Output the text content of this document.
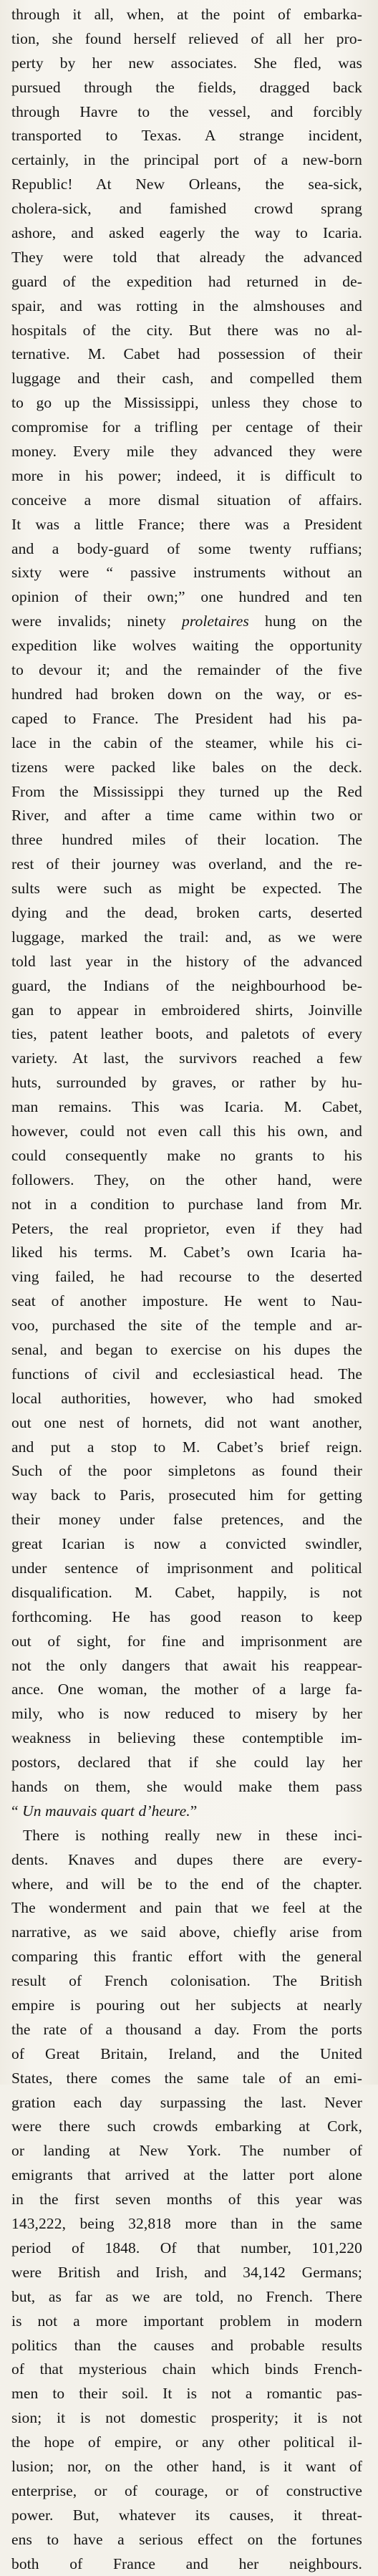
through it all, when, at the point of embarka-
tion, she found herself relieved of all her pro-
perty by her new associates. She fled, was
pursued through the fields, dragged back
through Havre to the vessel, and forcibly
transported to Texas. A strange incident,
certainly, in the principal port of a new-born
Republic! At New Orleans, the sea-sick,
cholera-sick, and famished crowd sprang
ashore, and asked eagerly the way to Icaria.
They were told that already the advanced
guard of the expedition had returned in de-
spair, and was rotting in the almshouses and
hospitals of the city. But there was no al-
ternative. M. Cabet had possession of their
luggage and their cash, and compelled them
to go up the Mississippi, unless they chose to
compromise for a trifling per centage of their
money. Every mile they advanced they were
more in his power; indeed, it is difficult to
conceive a more dismal situation of affairs.
It was a little France; there was a President
and a body-guard of some twenty ruffians;
sixty were “ passive instruments without an
opinion of their own;” one hundred and ten
were invalids; ninety proletaires hung on the
expedition like wolves waiting the opportunity
to devour it; and the remainder of the five
hundred had broken down on the way, or es-
caped to France. The President had his pa-
lace in the cabin of the steamer, while his ci-
tizens were packed like bales on the deck.
From the Mississippi they turned up the Red
River, and after a time came within two or
three hundred miles of their location. The
rest of their journey was overland, and the re-
sults were such as might be expected. The
dying and the dead, broken carts, deserted
luggage, marked the trail: and, as we were
told last year in the history of the advanced
guard, the Indians of the neighbourhood be-
gan to appear in embroidered shirts, Joinville
ties, patent leather boots, and paletots of every
variety. At last, the survivors reached a few
huts, surrounded by graves, or rather by hu-
man remains. This was Icaria. M. Cabet,
however, could not even call this his own, and
could consequently make no grants to his
followers. They, on the other hand, were
not in a condition to purchase land from Mr.
Peters, the real proprietor, even if they had
liked his terms. M. Cabet’s own Icaria ha-
ving failed, he had recourse to the deserted
seat of another imposture. He went to Nau-
voo, purchased the site of the temple and ar-
senal, and began to exercise on his dupes the
functions of civil and ecclesiastical head. The
local authorities, however, who had smoked
out one nest of hornets, did not want another,
and put a stop to M. Cabet’s brief reign.
Such of the poor simpletons as found their
way back to Paris, prosecuted him for getting
their money under false pretences, and the
great Icarian is now a convicted swindler,
under sentence of imprisonment and political
disqualification. M. Cabet, happily, is not
forthcoming. He has good reason to keep
out of sight, for fine and imprisonment are
not the only dangers that await his reappear-
ance. One woman, the mother of a large fa-
mily, who is now reduced to misery by her
weakness in believing these contemptible im-
postors, declared that if she could lay her
hands on them, she would make them pass
“ Un mauvais quart d’heure.”
There is nothing really new in these inci-
dents. Knaves and dupes there are every-
where, and will be to the end of the chapter.
The wonderment and pain that we feel at the
narrative, as we said above, chiefly arise from
comparing this frantic effort with the general
result of French colonisation. The British
empire is pouring out her subjects at nearly
the rate of a thousand a day. From the ports
of Great Britain, Ireland, and the United
States, there comes the same tale of an emi-
gration each day surpassing the last. Never
were there such crowds embarking at Cork,
or landing at New York. The number of
emigrants that arrived at the latter port alone
in the first seven months of this year was
143,222, being 32,818 more than in the same
period of 1848. Of that number, 101,220
were British and Irish, and 34,142 Germans;
but, as far as we are told, no French. There
is not a more important problem in modern
politics than the causes and probable results
of that mysterious chain which binds French-
men to their soil. It is not a romantic pas-
sion; it is not domestic prosperity; it is not
the hope of empire, or any other political il-
lusion; nor, on the other hand, is it want of
enterprise, or of courage, or of constructive
power. But, whatever its causes, it threat-
ens to have a serious effect on the fortunes
both of France and her neighbours.
